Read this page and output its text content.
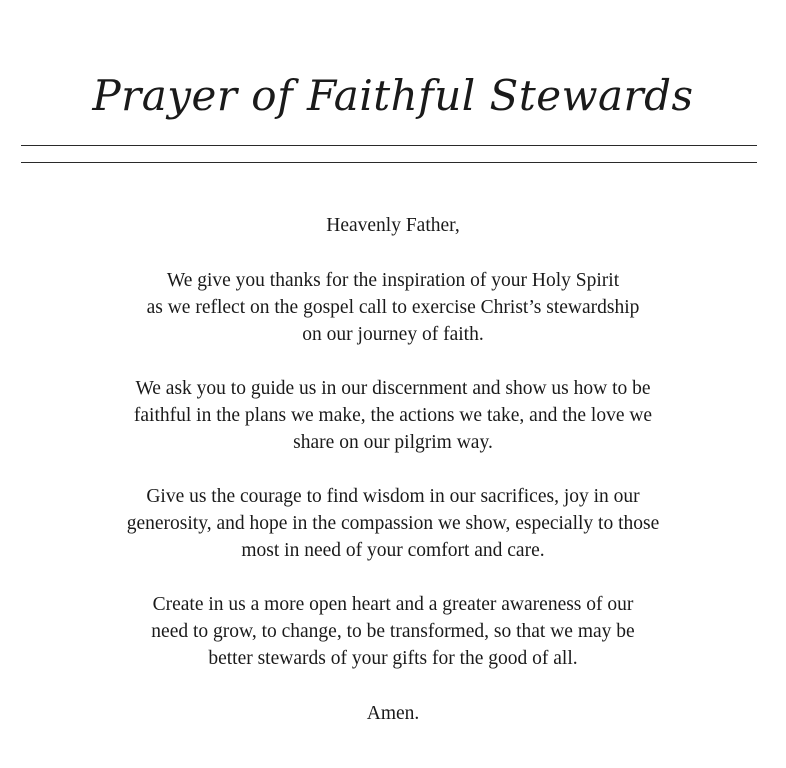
Prayer of Faithful Stewards
Heavenly Father,
We give you thanks for the inspiration of your Holy Spirit
as we reflect on the gospel call to exercise Christ’s stewardship
on our journey of faith.
We ask you to guide us in our discernment and show us how to be
faithful in the plans we make, the actions we take, and the love we
share on our pilgrim way.
Give us the courage to find wisdom in our sacrifices, joy in our
generosity, and hope in the compassion we show, especially to those
most in need of your comfort and care.
Create in us a more open heart and a greater awareness of our
need to grow, to change, to be transformed, so that we may be
better stewards of your gifts for the good of all.
Amen.
